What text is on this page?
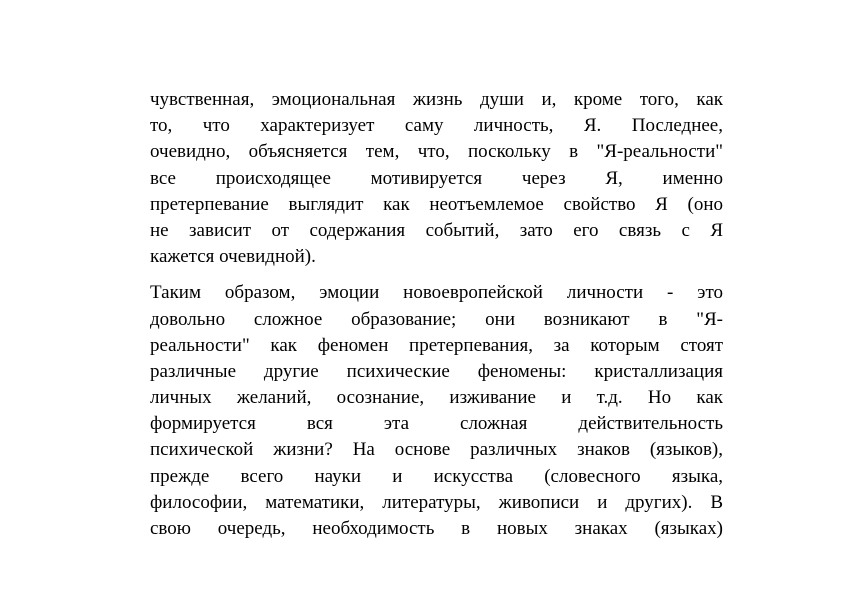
чувственная, эмоциональная жизнь души и, кроме того, как
то, что характеризует саму личность, Я. Последнее,
очевидно, объясняется тем, что, поскольку в "Я-реальности"
все происходящее мотивируется через Я, именно
претерпевание выглядит как неотъемлемое свойство Я (оно
не зависит от содержания событий, зато его связь с Я
кажется очевидной).
Таким образом, эмоции новоевропейской личности - это
довольно сложное образование; они возникают в "Я-
реальности" как феномен претерпевания, за которым стоят
различные другие психические феномены: кристаллизация
личных желаний, осознание, изживание и т.д. Но как
формируется вся эта сложная действительность
психической жизни? На основе различных знаков (языков),
прежде всего науки и искусства (словесного языка,
философии, математики, литературы, живописи и других). В
свою очередь, необходимость в новых знаках (языках)
